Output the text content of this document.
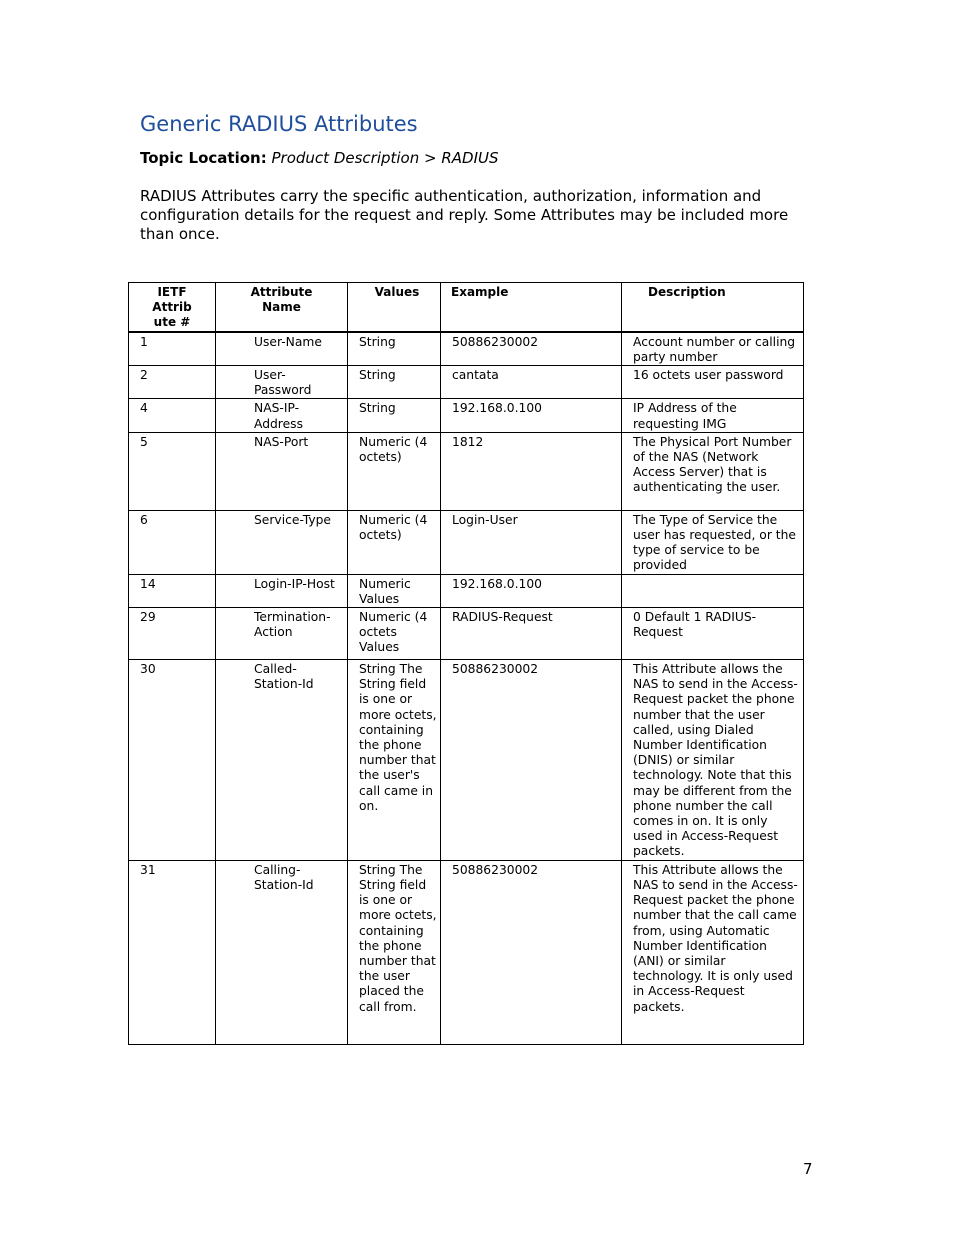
Generic RADIUS Attributes
Topic Location: Product Description > RADIUS

RADIUS Attributes carry the specific authentication, authorization, information and configuration details for the request and reply. Some Attributes may be included more than once.

IETF Attrib ute #	Attribute Name	Values	Example	Description
1	User-Name	String	50886230002	Account number or calling party number
2	User-Password	String	cantata	16 octets user password
4	NAS-IP-Address	String	192.168.0.100	IP Address of the requesting IMG
5	NAS-Port	Numeric (4 octets)	1812	The Physical Port Number of the NAS (Network Access Server) that is authenticating the user.
6	Service-Type	Numeric (4 octets)	Login-User	The Type of Service the user has requested, or the type of service to be provided
14	Login-IP-Host	Numeric Values	192.168.0.100	
29	Termination-Action	Numeric (4 octets Values	RADIUS-Request	0 Default 1 RADIUS-Request
30	Called-Station-Id	String The String field is one or more octets, containing the phone number that the user's call came in on.	50886230002	This Attribute allows the NAS to send in the Access-Request packet the phone number that the user called, using Dialed Number Identification (DNIS) or similar technology. Note that this may be different from the phone number the call comes in on. It is only used in Access-Request packets.
31	Calling-Station-Id	String The String field is one or more octets, containing the phone number that the user placed the call from.	50886230002	This Attribute allows the NAS to send in the Access-Request packet the phone number that the call came from, using Automatic Number Identification (ANI) or similar technology. It is only used in Access-Request packets.
7
